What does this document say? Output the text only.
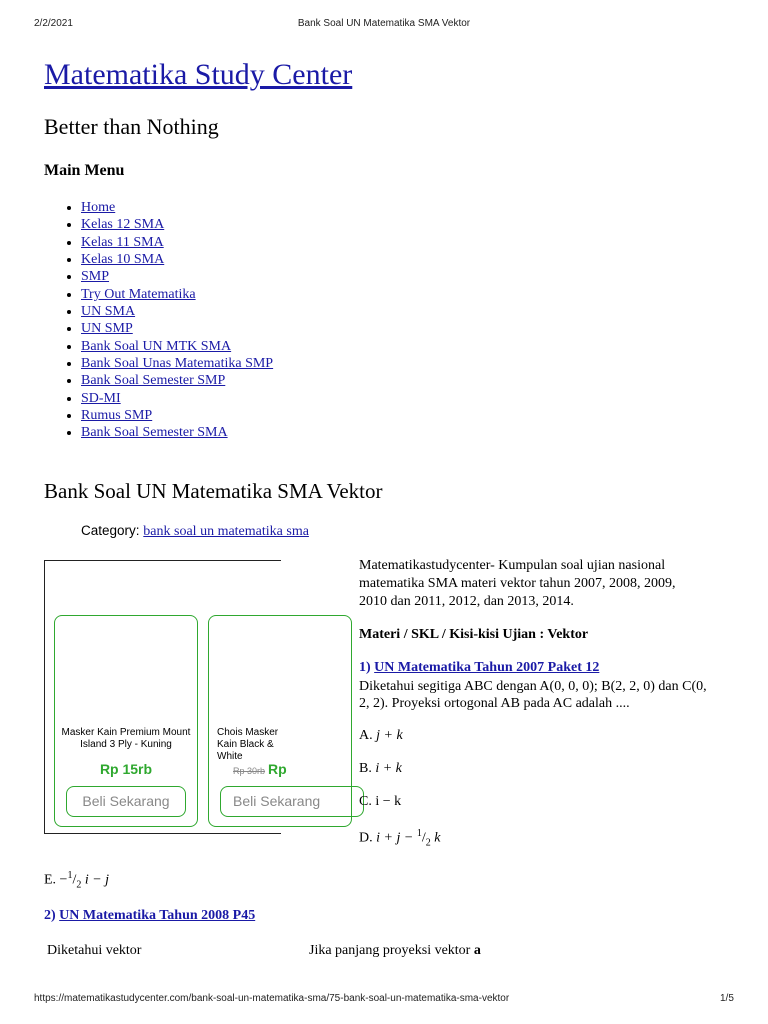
2/2/2021	Bank Soal UN Matematika SMA Vektor
Matematika Study Center
Better than Nothing
Main Menu
• Home
• Kelas 12 SMA
• Kelas 11 SMA
• Kelas 10 SMA
• SMP
• Try Out Matematika
• UN SMA
• UN SMP
• Bank Soal UN MTK SMA
• Bank Soal Unas Matematika SMP
• Bank Soal Semester SMP
• SD-MI
• Rumus SMP
• Bank Soal Semester SMA
Bank Soal UN Matematika SMA Vektor
Category: bank soal un matematika sma
Masker Kain Premium Mount Island 3 Ply - Kuning
Rp 15rb
Beli Sekarang
Chois Masker Kain Black & White
Rp 30rb Rp
Beli Sekarang
Matematikastudycenter- Kumpulan soal ujian nasional matematika SMA materi vektor tahun 2007, 2008, 2009, 2010 dan 2011, 2012, dan 2013, 2014.
Materi / SKL / Kisi-kisi Ujian : Vektor
1) UN Matematika Tahun 2007 Paket 12
Diketahui segitiga ABC dengan A(0, 0, 0); B(2, 2, 0) dan C(0, 2, 2). Proyeksi ortogonal AB pada AC adalah ....
A. j + k
B. i + k
C. i − k
D. $i + j - ^1/_2$ k
E. $-^1/_2$ i − j
2) UN Matematika Tahun 2008 P45
Diketahui vektor	Jika panjang proyeksi vektor a
https://matematikastudycenter.com/bank-soal-un-matematika-sma/75-bank-soal-un-matematika-sma-vektor	1/5
